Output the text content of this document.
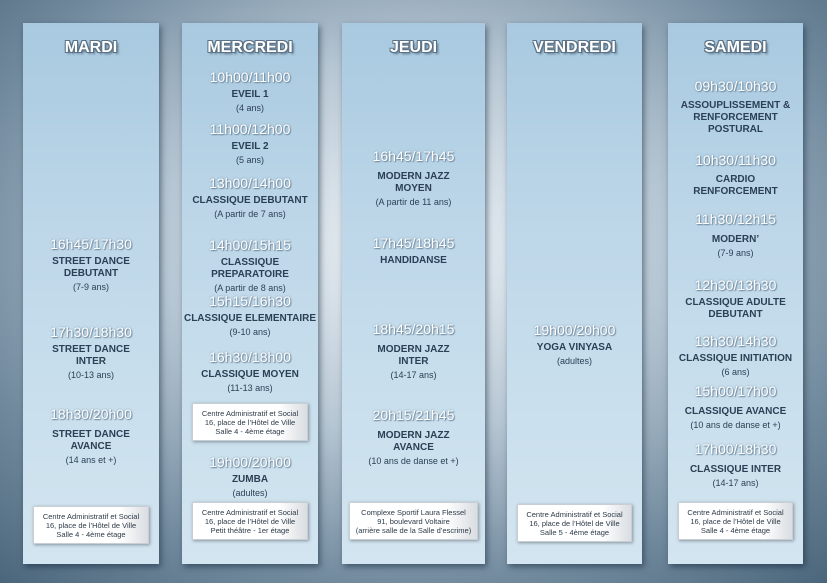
MARDI
16h45/17h30
STREET DANCE
DEBUTANT
(7-9 ans)
17h30/18h30
STREET DANCE
INTER
(10-13 ans)
18h30/20h00
STREET DANCE
AVANCE
(14 ans et +)
Centre Administratif et Social
16, place de l’Hôtel de Ville
Salle 4 - 4ème étage
MERCREDI
10h00/11h00
EVEIL 1
(4 ans)
11h00/12h00
EVEIL 2
(5 ans)
13h00/14h00
CLASSIQUE DEBUTANT
(A partir de 7 ans)
14h00/15h15
CLASSIQUE PREPARATOIRE
(A partir de 8 ans)
15h15/16h30
CLASSIQUE ELEMENTAIRE
(9-10 ans)
16h30/18h00
CLASSIQUE MOYEN
(11-13 ans)
Centre Administratif et Social
16, place de l’Hôtel de Ville
Salle 4 - 4ème étage
19h00/20h00
ZUMBA
(adultes)
Centre Administratif et Social
16, place de l’Hôtel de Ville
Petit théâtre - 1er étage
JEUDI
16h45/17h45
MODERN JAZZ
MOYEN
(A partir de 11 ans)
17h45/18h45
HANDIDANSE
18h45/20h15
MODERN JAZZ
INTER
(14-17 ans)
20h15/21h45
MODERN JAZZ
AVANCE
(10 ans de danse et +)
Complexe Sportif Laura Flessel
91, boulevard Voltaire
(arrière salle de la Salle d’escrime)
VENDREDI
19h00/20h00
YOGA VINYASA
(adultes)
Centre Administratif et Social
16, place de l’Hôtel de Ville
Salle 5 - 4ème étage
SAMEDI
09h30/10h30
ASSOUPLISSEMENT &
RENFORCEMENT
POSTURAL
10h30/11h30
CARDIO
RENFORCEMENT
11h30/12h15
MODERN’
(7-9 ans)
12h30/13h30
CLASSIQUE ADULTE
DEBUTANT
13h30/14h30
CLASSIQUE INITIATION
(6 ans)
15h00/17h00
CLASSIQUE AVANCE
(10 ans de danse et +)
17h00/18h30
CLASSIQUE INTER
(14-17 ans)
Centre Administratif et Social
16, place de l’Hôtel de Ville
Salle 4 - 4ème étage
